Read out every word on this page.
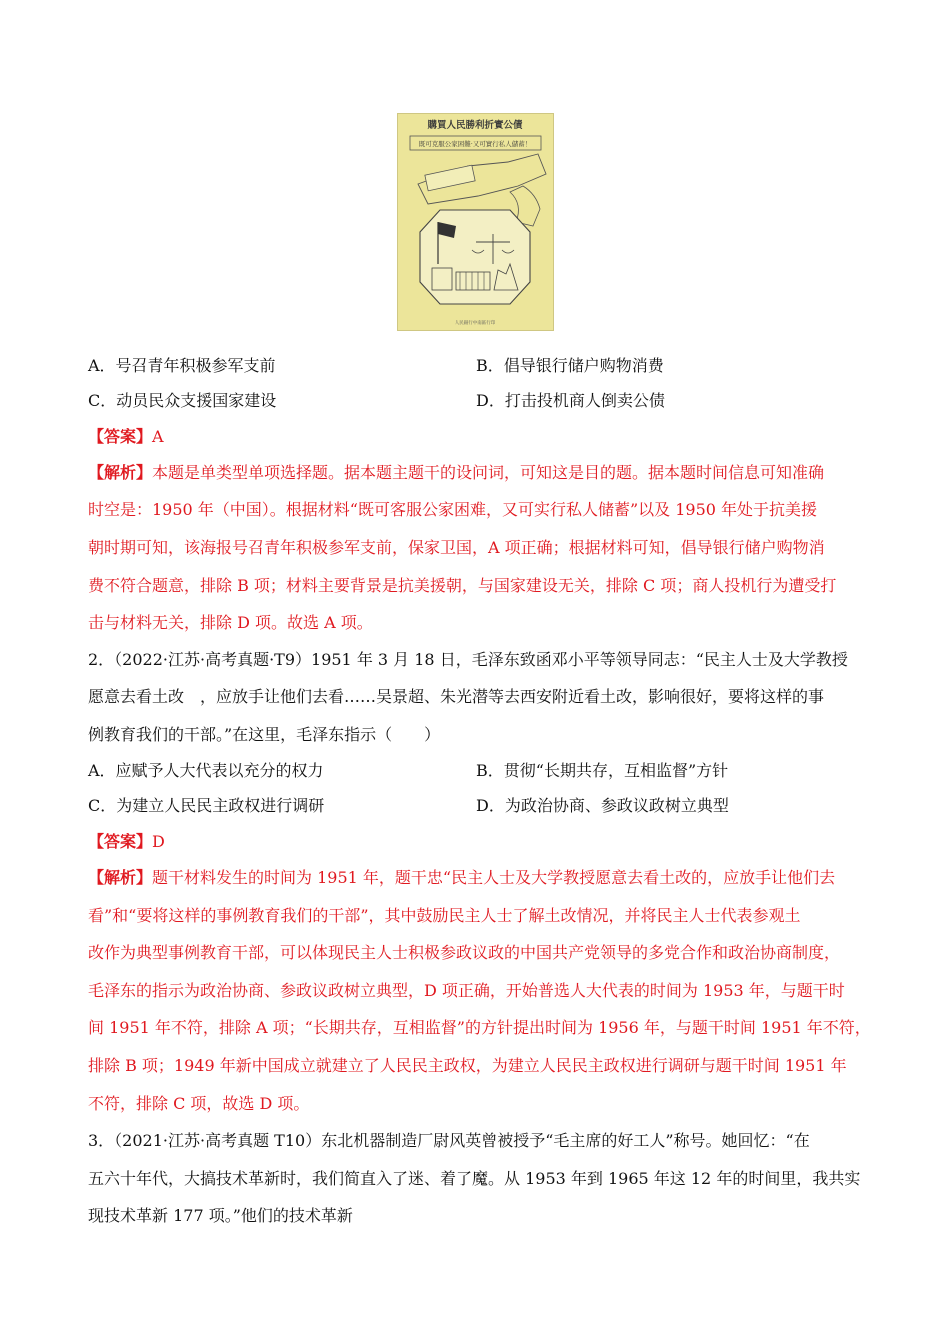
購買人民勝利折實公債
既可克服公家困難·又可實行私人儲蓄！
人民銀行中南區行印
A．号召青年积极参军支前	B．倡导银行储户购物消费
C．动员民众支援国家建设	D．打击投机商人倒卖公债
【答案】A
【解析】本题是单类型单项选择题。据本题主题干的设问词，可知这是目的题。据本题时间信息可知准确
时空是：1950 年（中国）。根据材料“既可客服公家困难，又可实行私人储蓄”以及 1950 年处于抗美援
朝时期可知，该海报号召青年积极参军支前，保家卫国，A 项正确；根据材料可知，倡导银行储户购物消
费不符合题意，排除 B 项；材料主要背景是抗美援朝，与国家建设无关，排除 C 项；商人投机行为遭受打
击与材料无关，排除 D 项。故选 A 项。
2．（2022·江苏·高考真题·T9）1951 年 3 月 18 日，毛泽东致函邓小平等领导同志：“民主人士及大学教授
愿意去看土改　，应放手让他们去看……吴景超、朱光潜等去西安附近看土改，影响很好，要将这样的事
例教育我们的干部。”在这里，毛泽东指示（　　）
A．应赋予人大代表以充分的权力	B．贯彻“长期共存，互相监督”方针
C．为建立人民民主政权进行调研	D．为政治协商、参政议政树立典型
【答案】D
【解析】题干材料发生的时间为 1951 年，题干忠“民主人士及大学教授愿意去看土改的，应放手让他们去
看”和“要将这样的事例教育我们的干部”，其中鼓励民主人士了解土改情况，并将民主人士代表参观土
改作为典型事例教育干部，可以体现民主人士积极参政议政的中国共产党领导的多党合作和政治协商制度，
毛泽东的指示为政治协商、参政议政树立典型，D 项正确，开始普选人大代表的时间为 1953 年，与题干时
间 1951 年不符，排除 A 项；“长期共存，互相监督”的方针提出时间为 1956 年，与题干时间 1951 年不符，
排除 B 项；1949 年新中国成立就建立了人民民主政权，为建立人民民主政权进行调研与题干时间 1951 年
不符，排除 C 项，故选 D 项。
3．（2021·江苏·高考真题 T10）东北机器制造厂尉风英曾被授予“毛主席的好工人”称号。她回忆：“在
五六十年代，大搞技术革新时，我们简直入了迷、着了魔。从 1953 年到 1965 年这 12 年的时间里，我共实
现技术革新 177 项。”他们的技术革新
